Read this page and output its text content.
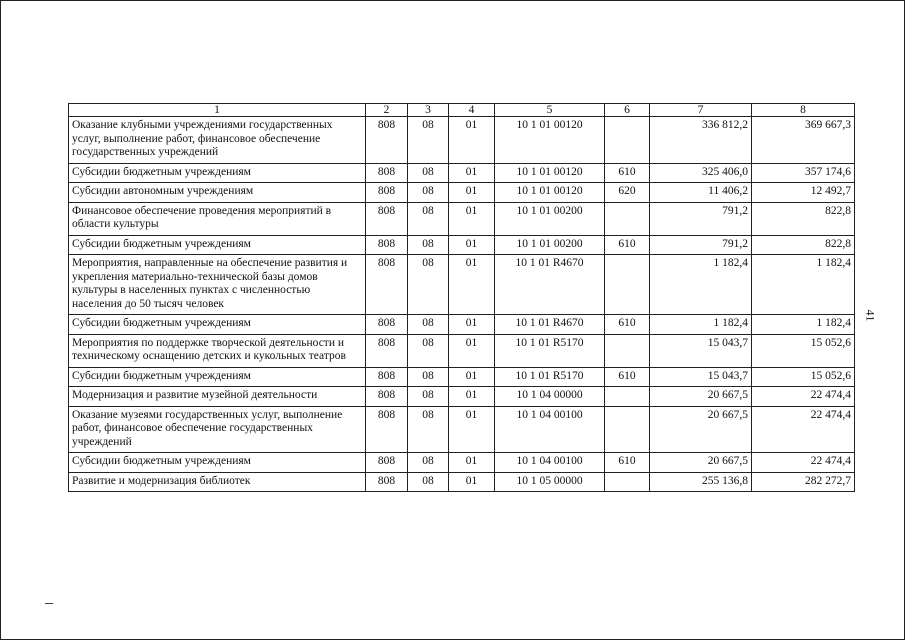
1	2	3	4	5	6	7	8
Оказание клубными учреждениями государственных услуг, выполнение работ, финансовое обеспечение государственных учреждений	808	08	01	10 1 01 00120		336 812,2	369 667,3
Субсидии бюджетным учреждениям	808	08	01	10 1 01 00120	610	325 406,0	357 174,6
Субсидии автономным учреждениям	808	08	01	10 1 01 00120	620	11 406,2	12 492,7
Финансовое обеспечение проведения мероприятий в области культуры	808	08	01	10 1 01 00200		791,2	822,8
Субсидии бюджетным учреждениям	808	08	01	10 1 01 00200	610	791,2	822,8
Мероприятия, направленные на обеспечение развития и укрепления материально-технической базы домов культуры в населенных пунктах с численностью населения до 50 тысяч человек	808	08	01	10 1 01 R4670		1 182,4	1 182,4
Субсидии бюджетным учреждениям	808	08	01	10 1 01 R4670	610	1 182,4	1 182,4
Мероприятия по поддержке творческой деятельности и техническому оснащению детских и кукольных театров	808	08	01	10 1 01 R5170		15 043,7	15 052,6
Субсидии бюджетным учреждениям	808	08	01	10 1 01 R5170	610	15 043,7	15 052,6
Модернизация и развитие музейной деятельности	808	08	01	10 1 04 00000		20 667,5	22 474,4
Оказание музеями государственных услуг, выполнение работ, финансовое обеспечение государственных учреждений	808	08	01	10 1 04 00100		20 667,5	22 474,4
Субсидии бюджетным учреждениям	808	08	01	10 1 04 00100	610	20 667,5	22 474,4
Развитие и модернизация библиотек	808	08	01	10 1 05 00000		255 136,8	282 272,7
41
